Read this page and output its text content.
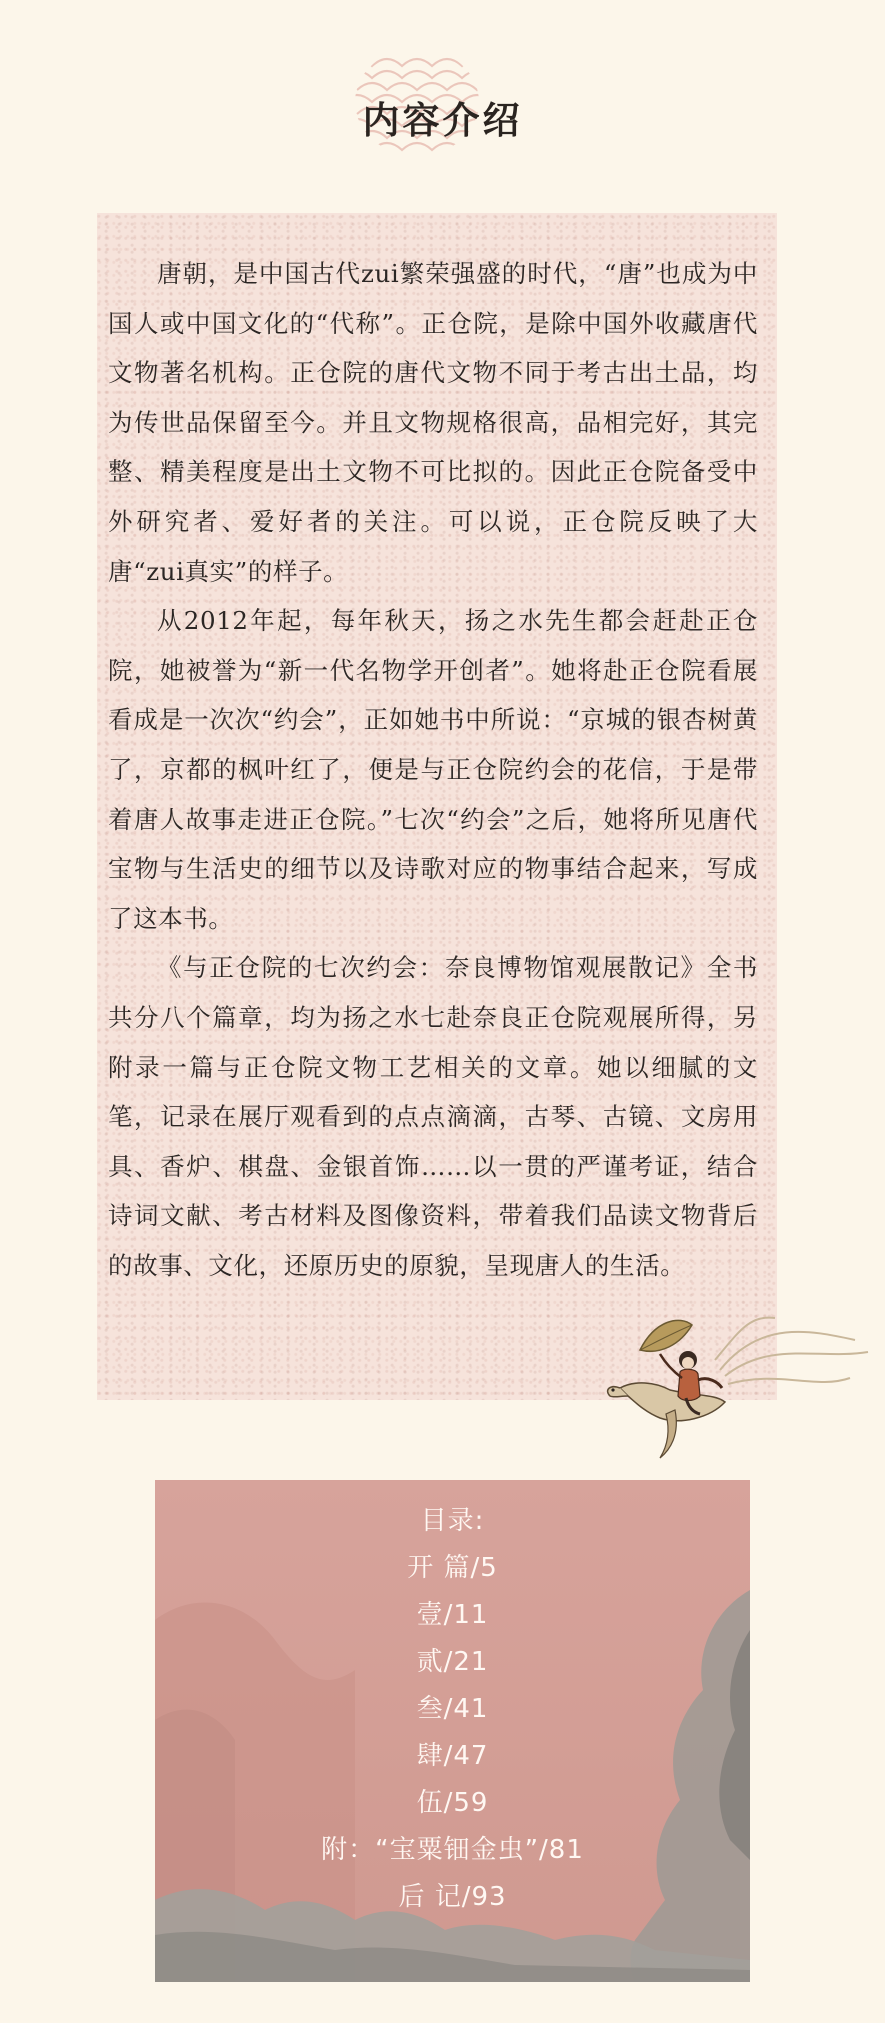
内容介绍

唐朝，是中国古代zui繁荣强盛的时代，“唐”也成为中国人或中国文化的“代称”。正仓院，是除中国外收藏唐代文物著名机构。正仓院的唐代文物不同于考古出土品，均为传世品保留至今。并且文物规格很高，品相完好，其完整、精美程度是出土文物不可比拟的。因此正仓院备受中外研究者、爱好者的关注。可以说，正仓院反映了大唐“zui真实”的样子。

从2012年起，每年秋天，扬之水先生都会赶赴正仓院，她被誉为“新一代名物学开创者”。她将赴正仓院看展看成是一次次“约会”，正如她书中所说：“京城的银杏树黄了，京都的枫叶红了，便是与正仓院约会的花信，于是带着唐人故事走进正仓院。”七次“约会”之后，她将所见唐代宝物与生活史的细节以及诗歌对应的物事结合起来，写成了这本书。

《与正仓院的七次约会：奈良博物馆观展散记》全书共分八个篇章，均为扬之水七赴奈良正仓院观展所得，另附录一篇与正仓院文物工艺相关的文章。她以细腻的文笔，记录在展厅观看到的点点滴滴，古琴、古镜、文房用具、香炉、棋盘、金银首饰……以一贯的严谨考证，结合诗词文献、考古材料及图像资料，带着我们品读文物背后的故事、文化，还原历史的原貌，呈现唐人的生活。

目录:
开 篇/5
壹/11
贰/21
叁/41
肆/47
伍/59
附：“宝粟钿金虫”/81
后 记/93
